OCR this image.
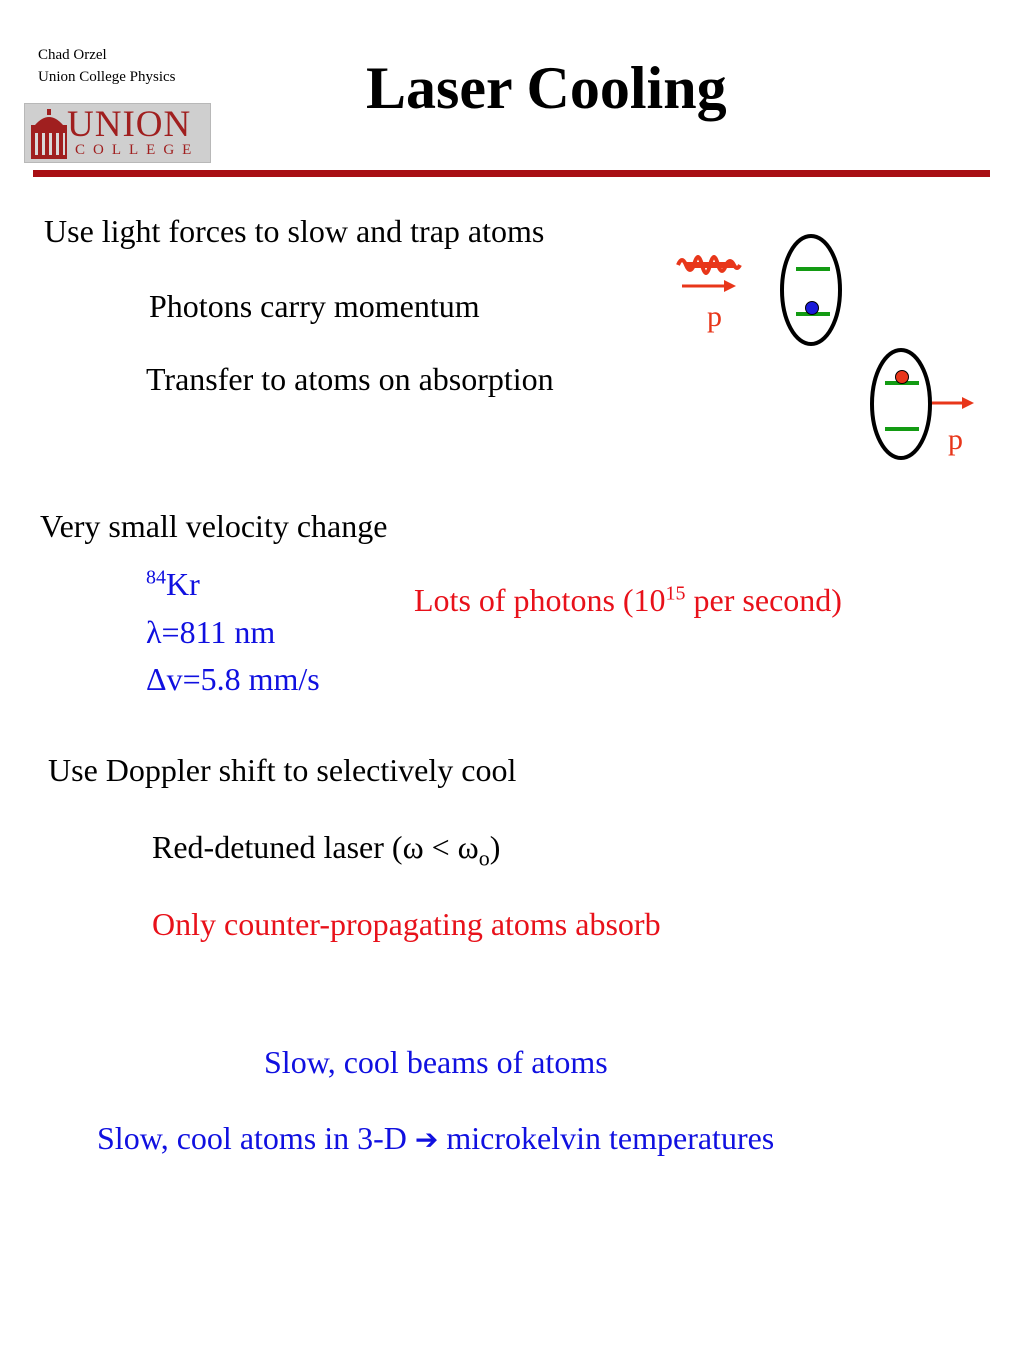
Chad Orzel
Union College Physics	Laser Cooling
UNION
COLLEGE
Use light forces to slow and trap atoms
Photons carry momentum
Transfer to atoms on absorption
p
p
Very small velocity change
$^{84}$Kr
λ=811 nm
Δv=5.8 mm/s
Lots of photons ($10^{15}$ per second)
Use Doppler shift to selectively cool
Red-detuned laser $(\omega < \omega_o)$
Only counter-propagating atoms absorb
Slow, cool beams of atoms
Slow, cool atoms in 3-D ➔ microkelvin temperatures
